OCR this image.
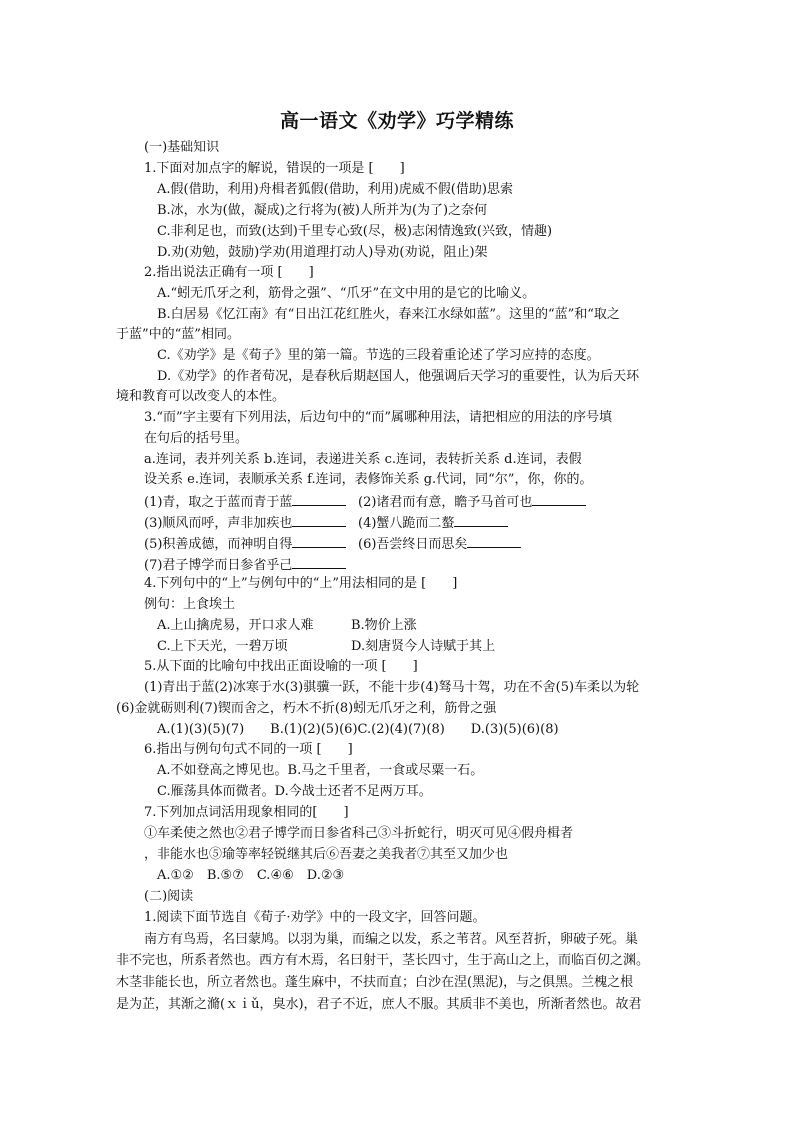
高一语文《劝学》巧学精练
(一)基础知识
1.下面对加点字的解说，错误的一项是 [　　]
A.假(借助，利用)舟楫者狐假(借助，利用)虎威不假(借助)思索
B.冰，水为(做，凝成)之行将为(被)人所并为(为了)之奈何
C.非利足也，而致(达到)千里专心致(尽，极)志闲情逸致(兴致，情趣)
D.劝(劝勉，鼓励)学劝(用道理打动人)导劝(劝说，阻止)架
2.指出说法正确有一项 [　　]
A.“蚓无爪牙之利，筋骨之强”、“爪牙”在文中用的是它的比喻义。
B.白居易《忆江南》有“日出江花红胜火，春来江水绿如蓝”。这里的“蓝”和“取之
于蓝”中的“蓝”相同。
C.《劝学》是《荀子》里的第一篇。节选的三段着重论述了学习应持的态度。
D.《劝学》的作者荀况，是春秋后期赵国人，他强调后天学习的重要性，认为后天环
境和教育可以改变人的本性。
3.“而”字主要有下列用法，后边句中的“而”属哪种用法，请把相应的用法的序号填
在句后的括号里。
a.连词，表并列关系 b.连词，表递进关系 c.连词，表转折关系 d.连词，表假
设关系 e.连词，表顺承关系 f.连词，表修饰关系 g.代词，同“尔”，你，你的。
(1)青，取之于蓝而青于蓝	(2)诸君而有意，瞻予马首可也
(3)顺风而呼，声非加疾也	(4)蟹八跪而二螯
(5)积善成德，而神明自得	(6)吾尝终日而思矣
(7)君子博学而日参省乎己
4.下列句中的“上”与例句中的“上”用法相同的是 [　　]
例句：上食埃土
A.上山擒虎易，开口求人难	B.物价上涨
C.上下天光，一碧万顷	D.刻唐贤今人诗赋于其上
5.从下面的比喻句中找出正面设喻的一项 [　　]
(1)青出于蓝(2)冰寒于水(3)骐骥一跃，不能十步(4)驽马十驾，功在不舍(5)车柔以为轮
(6)金就砺则利(7)锲而舍之，朽木不折(8)蚓无爪牙之利，筋骨之强
A.(1)(3)(5)(7)　　B.(1)(2)(5)(6)C.(2)(4)(7)(8)　　D.(3)(5)(6)(8)
6.指出与例句句式不同的一项 [　　]
A.不如登高之博见也。B.马之千里者，一食或尽粟一石。
C.雁荡具体而微者。D.今战士还者不足两万耳。
7.下列加点词活用现象相同的[　　]
①车柔使之然也②君子博学而日参省科己③斗折蛇行，明灭可见④假舟楫者
，非能水也⑤瑜等率轻锐继其后⑥吾妻之美我者⑦其至又加少也
A.①②　B.⑤⑦　C.④⑥　D.②③
(二)阅读
1.阅读下面节选自《荀子·劝学》中的一段文字，回答问题。
南方有鸟焉，名曰蒙鸠。以羽为巢，而编之以发，系之苇苕。风至苕折，卵破子死。巢
非不完也，所系者然也。西方有木焉，名曰射干，茎长四寸，生于高山之上，而临百仞之渊。
木茎非能长也，所立者然也。蓬生麻中，不扶而直；白沙在涅(黑泥)，与之俱黑。兰槐之根
是为芷，其渐之滫(ｘｉǔ，臭水)，君子不近，庶人不服。其质非不美也，所渐者然也。故君
